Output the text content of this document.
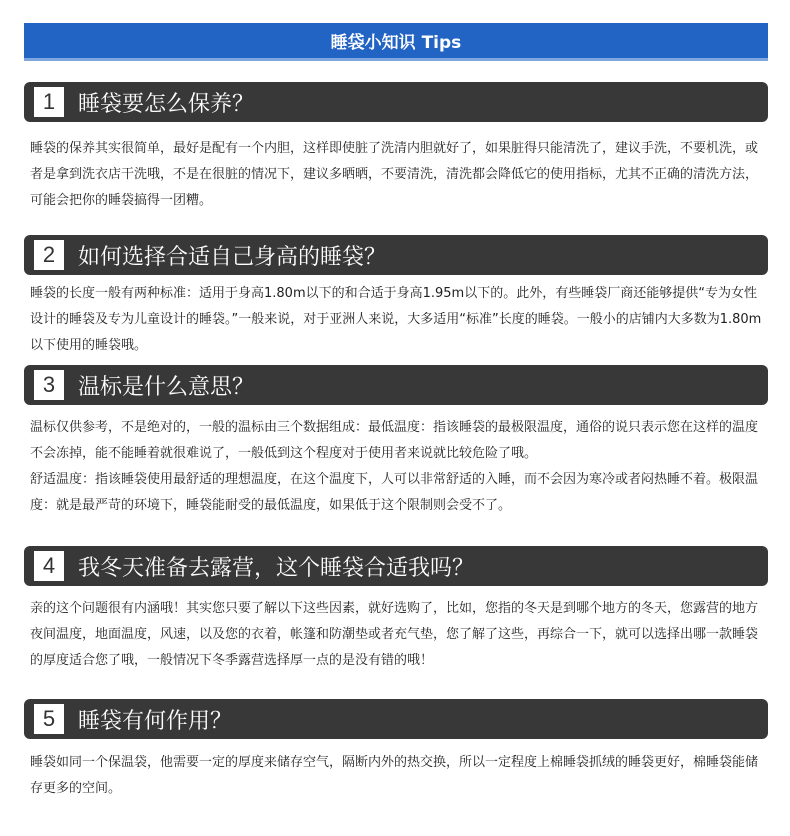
睡袋小知识 Tips
1	睡袋要怎么保养？
睡袋的保养其实很简单，最好是配有一个内胆，这样即使脏了洗清内胆就好了，如果脏得只能清洗了，建议手洗，不要机洗，或者是拿到洗衣店干洗哦，不是在很脏的情况下，建议多晒晒，不要清洗，清洗都会降低它的使用指标，尤其不正确的清洗方法，可能会把你的睡袋搞得一团糟。
2	如何选择合适自己身高的睡袋？
睡袋的长度一般有两种标准：适用于身高1.80m以下的和合适于身高1.95m以下的。此外，有些睡袋厂商还能够提供“专为女性设计的睡袋及专为儿童设计的睡袋。”一般来说，对于亚洲人来说，大多适用“标准”长度的睡袋。一般小的店铺内大多数为1.80m以下使用的睡袋哦。
3	温标是什么意思？
温标仅供参考，不是绝对的，一般的温标由三个数据组成：最低温度：指该睡袋的最极限温度，通俗的说只表示您在这样的温度不会冻掉，能不能睡着就很难说了，一般低到这个程度对于使用者来说就比较危险了哦。
舒适温度：指该睡袋使用最舒适的理想温度，在这个温度下，人可以非常舒适的入睡，而不会因为寒冷或者闷热睡不着。极限温度：就是最严苛的环境下，睡袋能耐受的最低温度，如果低于这个限制则会受不了。
4	我冬天准备去露营，这个睡袋合适我吗？
亲的这个问题很有内涵哦！其实您只要了解以下这些因素，就好选购了，比如，您指的冬天是到哪个地方的冬天，您露营的地方夜间温度，地面温度，风速，以及您的衣着，帐篷和防潮垫或者充气垫，您了解了这些，再综合一下，就可以选择出哪一款睡袋的厚度适合您了哦，一般情况下冬季露营选择厚一点的是没有错的哦！
5	睡袋有何作用？
睡袋如同一个保温袋，他需要一定的厚度来储存空气，隔断内外的热交换，所以一定程度上棉睡袋抓绒的睡袋更好，棉睡袋能储存更多的空间。
